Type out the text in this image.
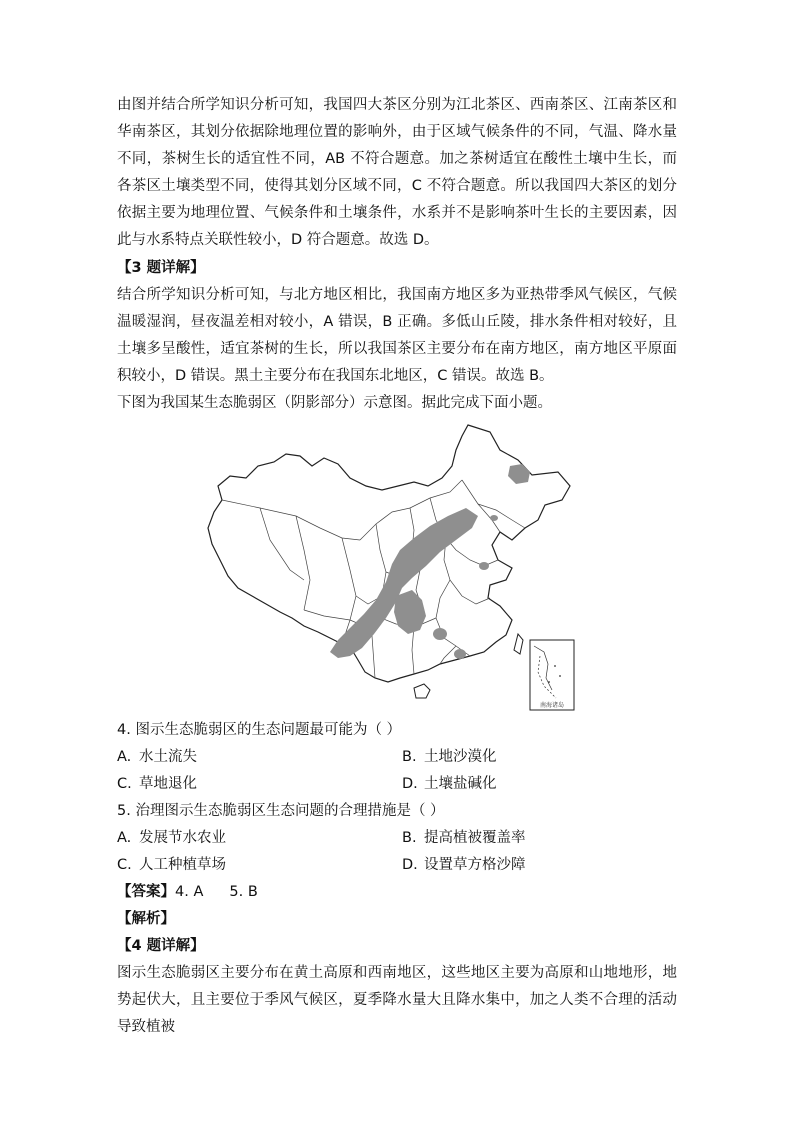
由图并结合所学知识分析可知，我国四大茶区分别为江北茶区、西南茶区、江南茶区和华南茶区，其划分依据除地理位置的影响外，由于区域气候条件的不同，气温、降水量不同，茶树生长的适宜性不同，AB 不符合题意。加之茶树适宜在酸性土壤中生长，而各茶区土壤类型不同，使得其划分区域不同，C 不符合题意。所以我国四大茶区的划分依据主要为地理位置、气候条件和土壤条件，水系并不是影响茶叶生长的主要因素，因此与水系特点关联性较小，D 符合题意。故选 D。

【3 题详解】

结合所学知识分析可知，与北方地区相比，我国南方地区多为亚热带季风气候区，气候温暖湿润，昼夜温差相对较小，A 错误，B 正确。多低山丘陵，排水条件相对较好，且土壤多呈酸性，适宜茶树的生长，所以我国茶区主要分布在南方地区，南方地区平原面积较小，D 错误。黑土主要分布在我国东北地区，C 错误。故选 B。

下图为我国某生态脆弱区（阴影部分）示意图。据此完成下面小题。
南海诸岛
4. 图示生态脆弱区的生态问题最可能为（ ）
A. 水土流失	B. 土地沙漠化
C. 草地退化	D. 土壤盐碱化
5. 治理图示生态脆弱区生态问题的合理措施是（ ）
A. 发展节水农业	B. 提高植被覆盖率
C. 人工种植草场	D. 设置草方格沙障
【答案】4. A 5. B
【解析】
【4 题详解】

图示生态脆弱区主要分布在黄土高原和西南地区，这些地区主要为高原和山地地形，地势起伏大，且主要位于季风气候区，夏季降水量大且降水集中，加之人类不合理的活动导致植被
